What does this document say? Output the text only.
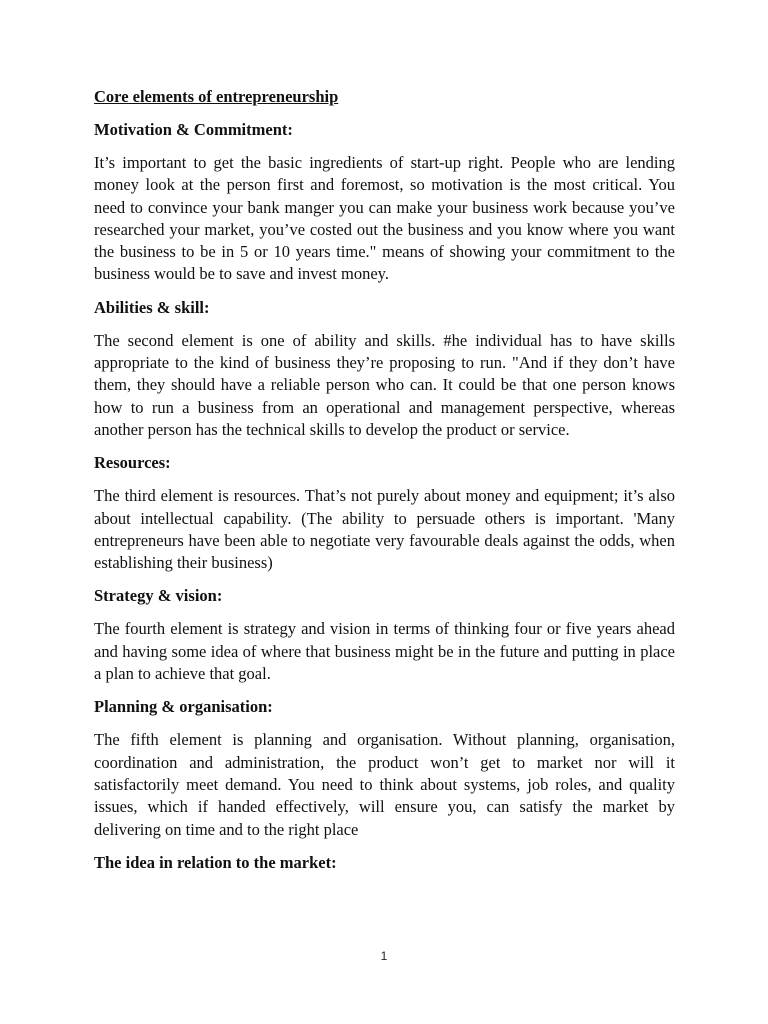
Core elements of entrepreneurship
Motivation & Commitment:
It’s important to get the basic ingredients of start-up right. People who are lending money look at the person first and foremost, so motivation is the most critical. You need to convince your bank manger you can make your business work because you’ve researched your market, you’ve costed out the business and you know where you want the business to be in 5 or 10 years time." means of showing your commitment to the business would be to save and invest money.
Abilities & skill:
The second element is one of ability and skills. #he individual has to have skills appropriate to the kind of business they’re proposing to run. "And if they don’t have them, they should have a reliable person who can. It could be that one person knows how to run a business from an operational and management perspective, whereas another person has the technical skills to develop the product or service.
Resources:
The third element is resources. That’s not purely about money and equipment; it’s also about intellectual capability. (The ability to persuade others is important. 'Many entrepreneurs have been able to negotiate very favourable deals against the odds, when establishing their business)
Strategy & vision:
The fourth element is strategy and vision in terms of thinking four or five years ahead and having some idea of where that business might be in the future and putting in place a plan to achieve that goal.
Planning & organisation:
The fifth element is planning and organisation. Without planning, organisation, coordination and administration, the product won’t get to market nor will it satisfactorily meet demand. You need to think about systems, job roles, and quality issues, which if handed effectively, will ensure you, can satisfy the market by delivering on time and to the right place
The idea in relation to the market:
1
